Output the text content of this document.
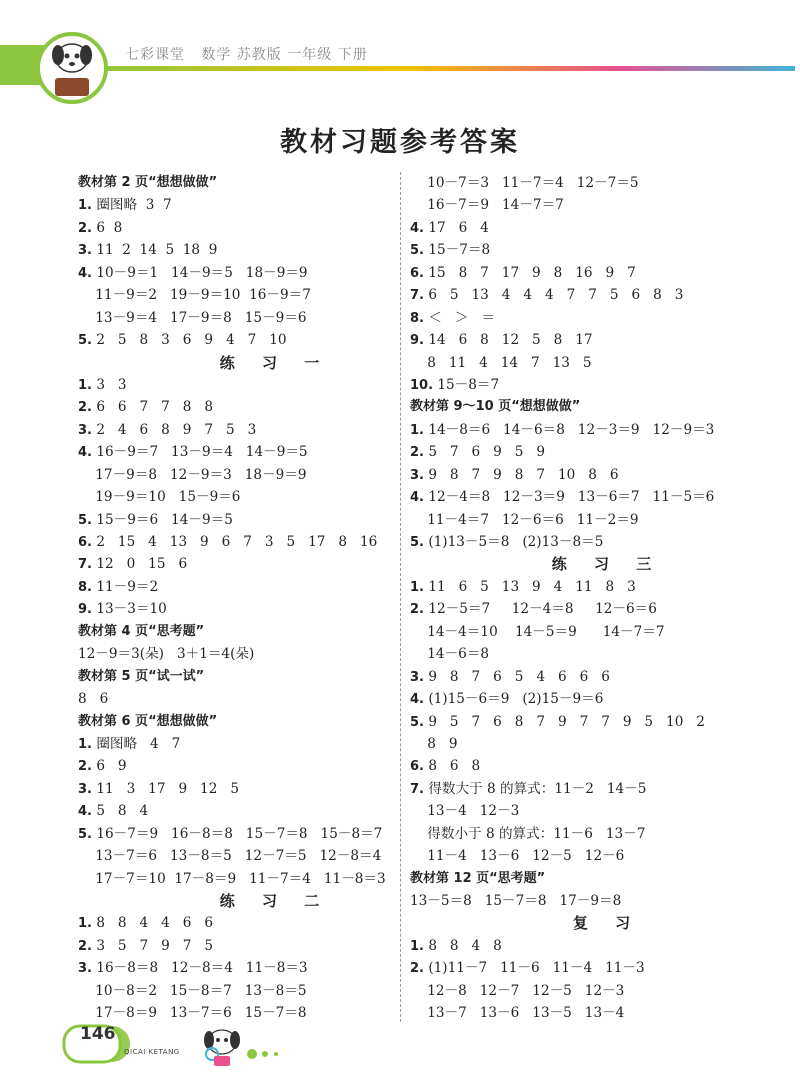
七彩课堂   数学 苏教版 一年级 下册
教材习题参考答案
教材第 2 页“想想做做”
1. 圈图略  3  7
2. 6  8
3. 11  2  14  5  18  9
4. 10－9＝1   14－9＝5   18－9＝9
11－9＝2   19－9＝10  16－9＝7
13－9＝4   17－9＝8   15－9＝6
5. 2   5   8   3   6   9   4   7   10
练 习 一
1. 3   3
2. 6   6   7   7   8   8
3. 2   4   6   8   9   7   5   3
4. 16－9＝7   13－9＝4   14－9＝5
17－9＝8   12－9＝3   18－9＝9
19－9＝10   15－9＝6
5. 15－9＝6   14－9＝5
6. 2   15   4   13   9   6   7   3   5   17   8   16
7. 12   0   15   6
8. 11－9＝2
9. 13－3＝10
教材第 4 页“思考题”
12－9＝3(朵)   3＋1＝4(朵)
教材第 5 页“试一试”
8   6
教材第 6 页“想想做做”
1. 圈图略   4   7
2. 6   9
3. 11   3   17   9   12   5
4. 5   8   4
5. 16－7＝9   16－8＝8   15－7＝8   15－8＝7
13－7＝6   13－8＝5   12－7＝5   12－8＝4
17－7＝10  17－8＝9   11－7＝4   11－8＝3
练 习 二
1. 8   8   4   4   6   6
2. 3   5   7   9   7   5
3. 16－8＝8   12－8＝4   11－8＝3
10－8＝2   15－8＝7   13－8＝5
17－8＝9   13－7＝6   15－7＝8
10－7＝3   11－7＝4   12－7＝5
16－7＝9   14－7＝7
4. 17   6   4
5. 15－7＝8
6. 15   8   7   17   9   8   16   9   7
7. 6   5   13   4   4   4   7   7   5   6   8   3
8. ＜   ＞   ＝
9. 14   6   8   12   5   8   17
8   11   4   14   7   13   5
10. 15－8＝7
教材第 9～10 页“想想做做”
1. 14－8＝6   14－6＝8   12－3＝9   12－9＝3
2. 5   7   6   9   5   9
3. 9   8   7   9   8   7   10   8   6
4. 12－4＝8   12－3＝9   13－6＝7   11－5＝6
11－4＝7   12－6＝6   11－2＝9
5. (1)13－5＝8   (2)13－8＝5
练 习 三
1. 11   6   5   13   9   4   11   8   3
2. 12－5＝7     12－4＝8     12－6＝6
14－4＝10    14－5＝9      14－7＝7
14－6＝8
3. 9   8   7   6   5   4   6   6   6
4. (1)15－6＝9   (2)15－9＝6
5. 9   5   7   6   8   7   9   7   7   9   5   10   2
8   9
6. 8   6   8
7. 得数大于 8 的算式：11－2   14－5
13－4   12－3
得数小于 8 的算式：11－6   13－7
11－4   13－6   12－5   12－6
教材第 12 页“思考题”
13－5＝8   15－7＝8   17－9＝8
复 习
1. 8   8   4   8
2. (1)11－7   11－6   11－4   11－3
12－8   12－7   12－5   12－3
13－7   13－6   13－5   13－4
146
QICAI KETANG
